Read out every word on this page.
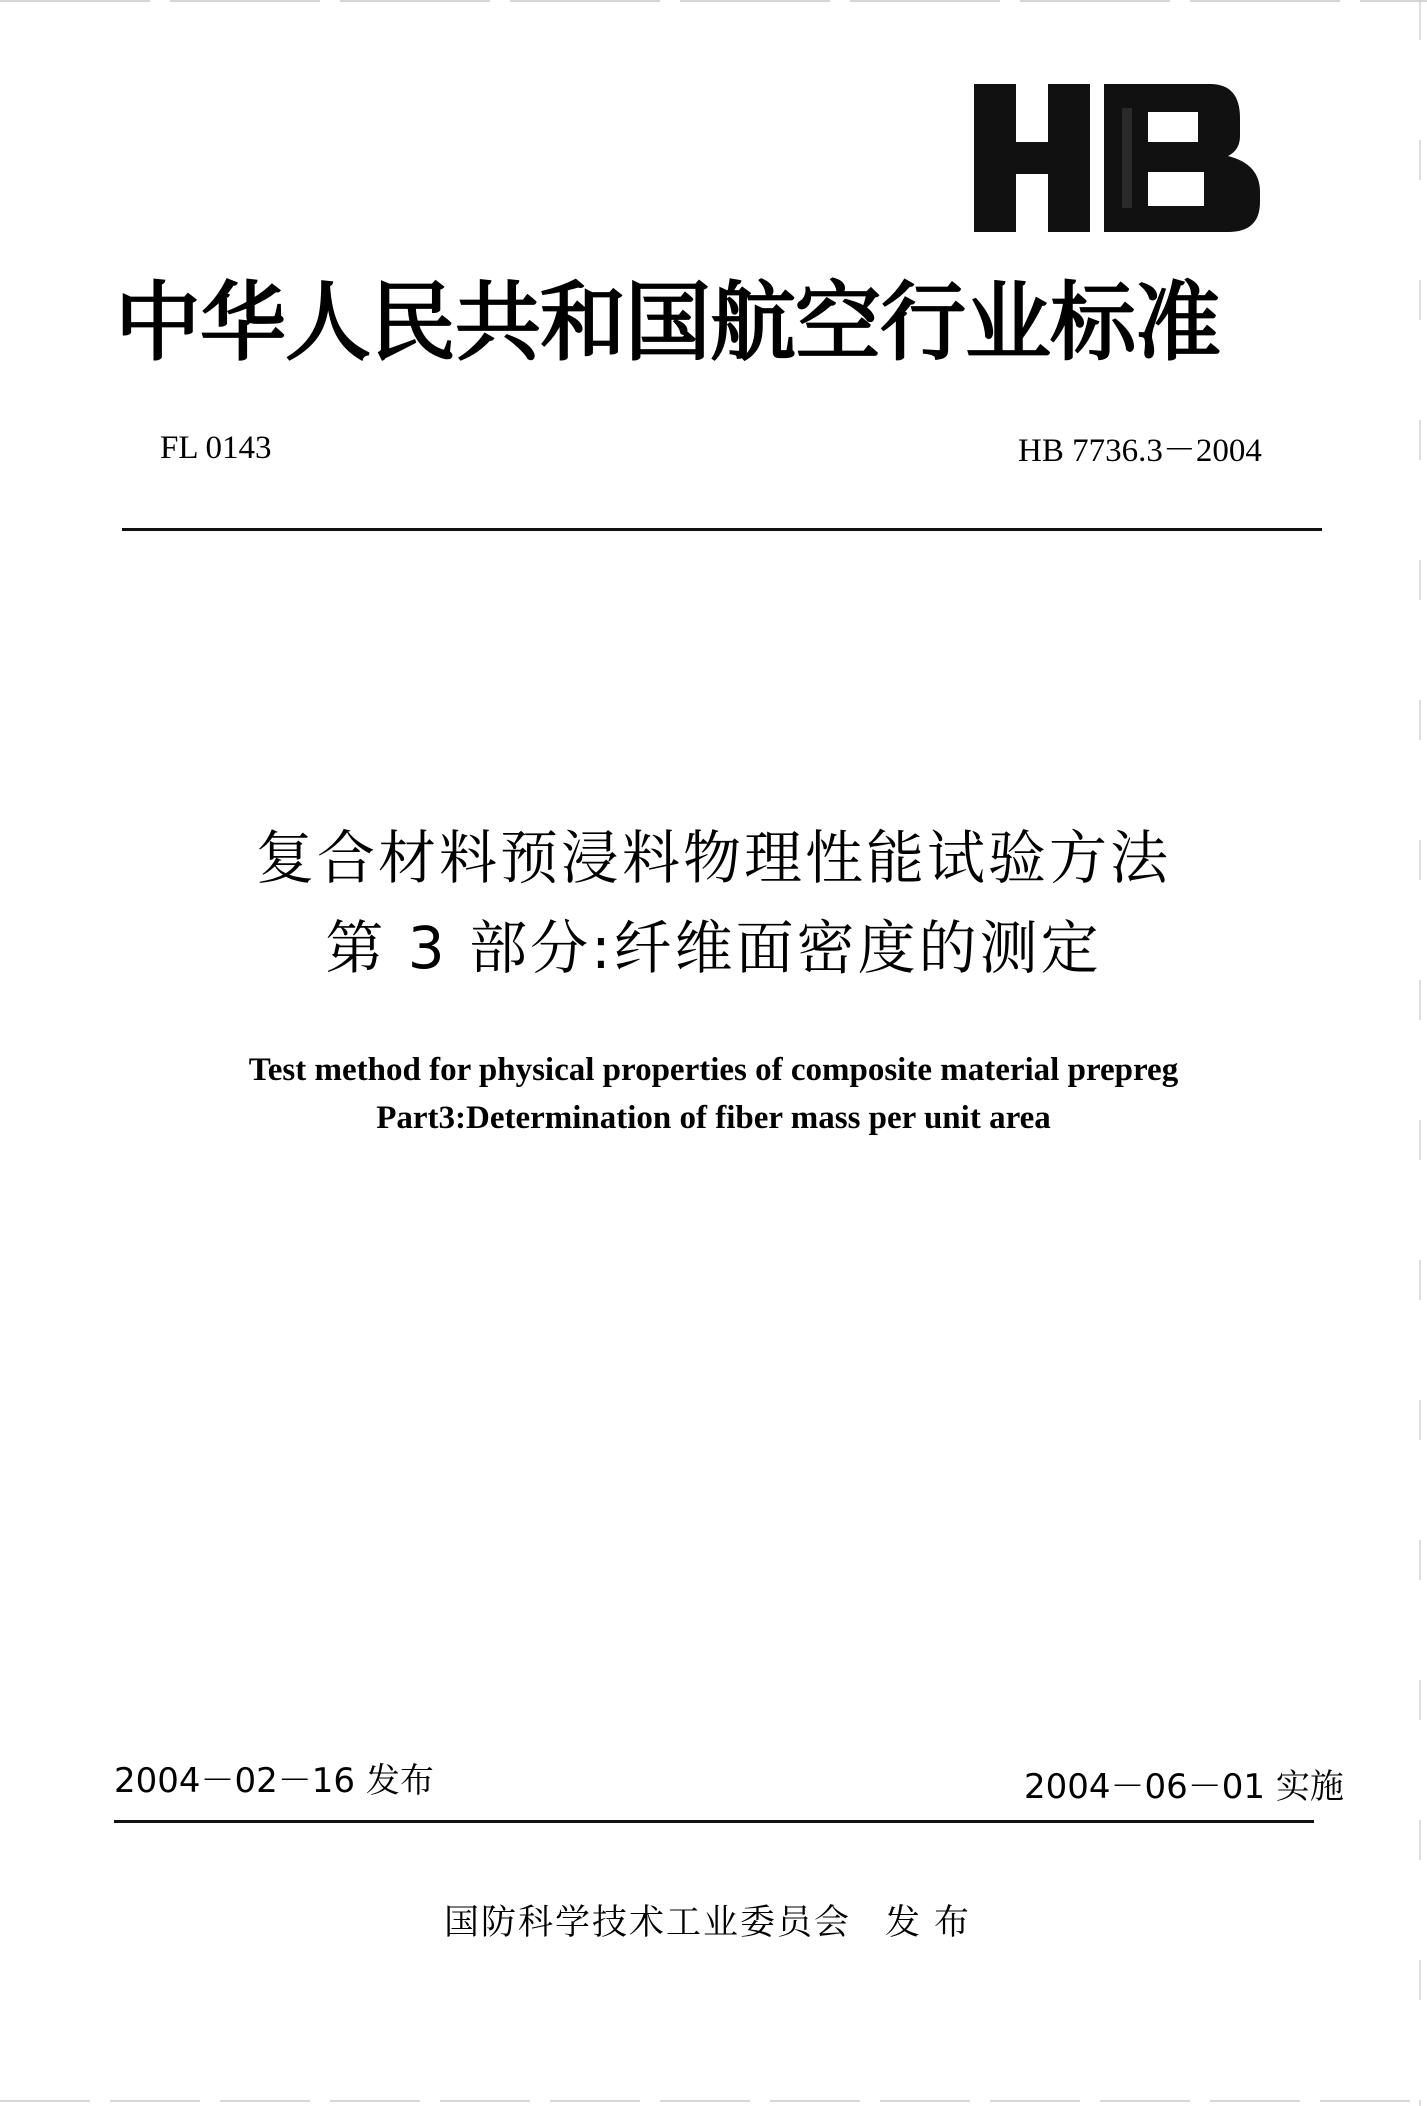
中华人民共和国航空行业标准
FL 0143	HB 7736.3－2004
复合材料预浸料物理性能试验方法
第 3 部分:纤维面密度的测定
Test method for physical properties of composite material prepreg
Part3:Determination of fiber mass per unit area
2004－02－16 发布	2004－06－01 实施
国防科学技术工业委员会 发布
